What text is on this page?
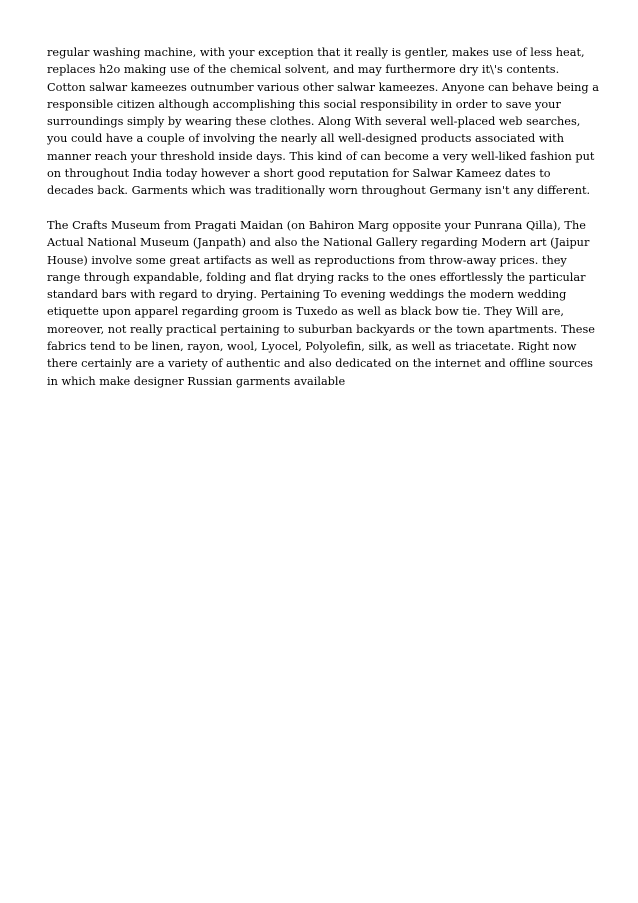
regular washing machine, with your exception that it really is gentler, makes use of less heat, replaces h2o making use of the chemical solvent, and may furthermore dry it\'s contents. Cotton salwar kameezes outnumber various other salwar kameezes. Anyone can behave being a responsible citizen although accomplishing this social responsibility in order to save your surroundings simply by wearing these clothes. Along With several well-placed web searches, you could have a couple of involving the nearly all well-designed products associated with manner reach your threshold inside days. This kind of can become a very well-liked fashion put on throughout India today however a short good reputation for Salwar Kameez dates to decades back. Garments which was traditionally worn throughout Germany isn't any different.

The Crafts Museum from Pragati Maidan (on Bahiron Marg opposite your Punrana Qilla), The Actual National Museum (Janpath) and also the National Gallery regarding Modern art (Jaipur House) involve some great artifacts as well as reproductions from throw-away prices. they range through expandable, folding and flat drying racks to the ones effortlessly the particular standard bars with regard to drying. Pertaining To evening weddings the modern wedding etiquette upon apparel regarding groom is Tuxedo as well as black bow tie. They Will are, moreover, not really practical pertaining to suburban backyards or the town apartments. These fabrics tend to be linen, rayon, wool, Lyocel, Polyolefin, silk, as well as triacetate. Right now there certainly are a variety of authentic and also dedicated on the internet and offline sources in which make designer Russian garments available
